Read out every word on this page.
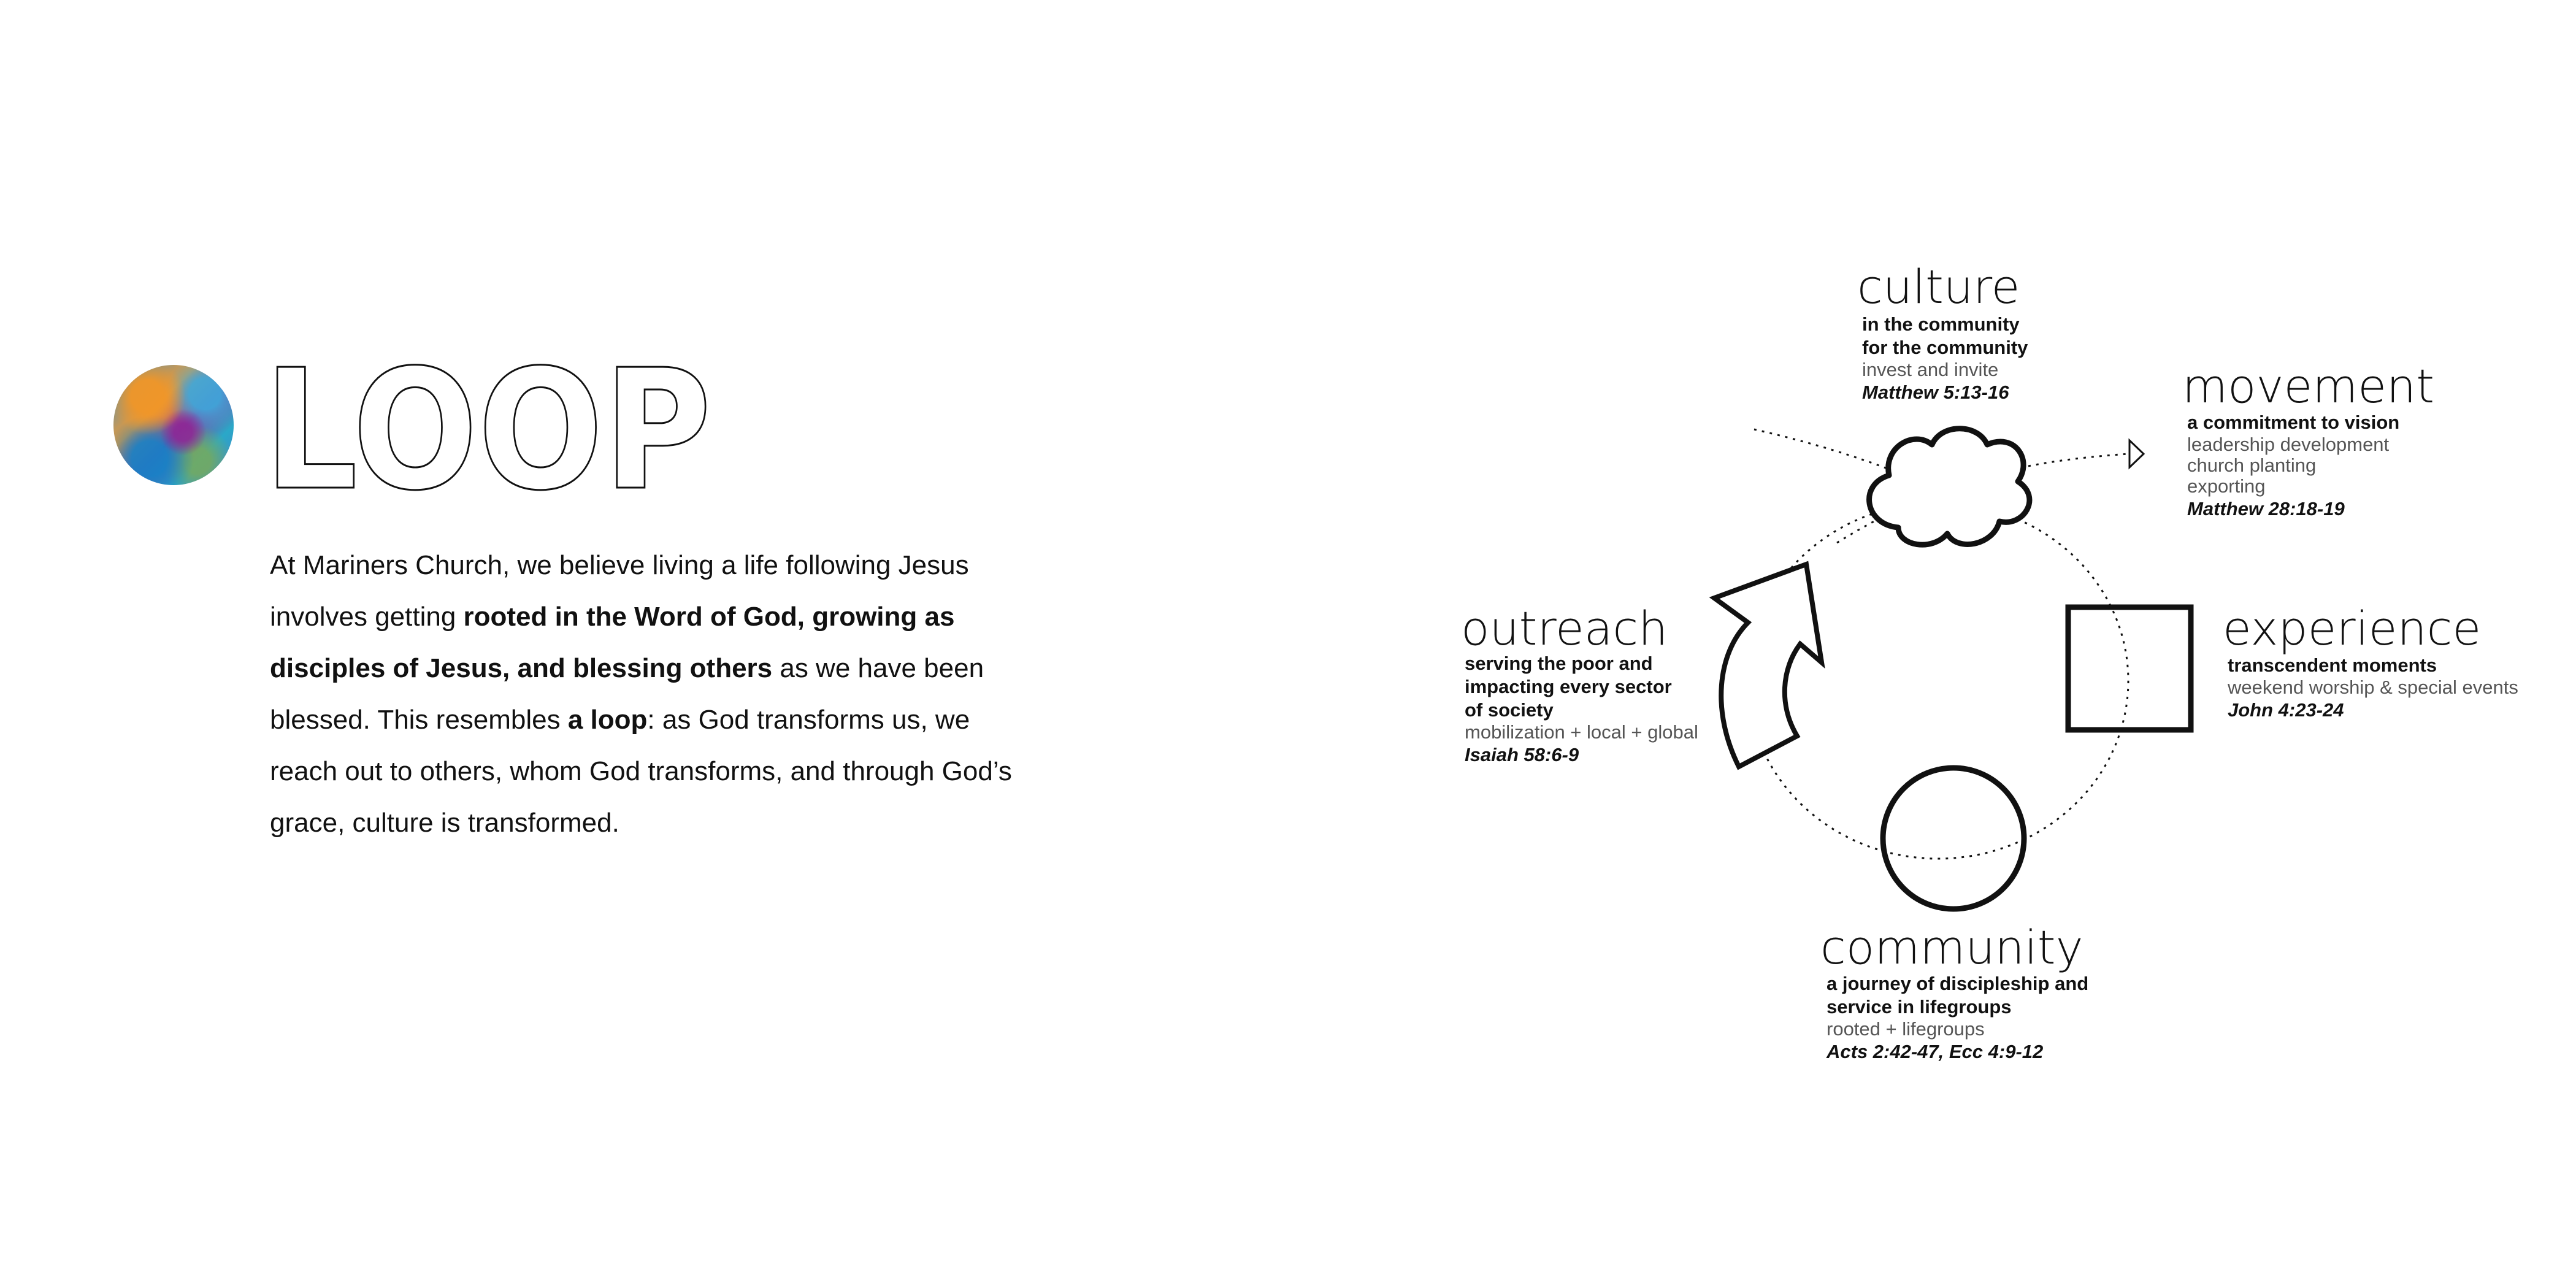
LOOP
At Mariners Church, we believe living a life following Jesus involves getting rooted in the Word of God, growing as disciples of Jesus, and blessing others as we have been blessed. This resembles a loop: as God transforms us, we reach out to others, whom God transforms, and through God’s grace, culture is transformed.
culture
in the community
for the community
invest and invite
Matthew 5:13-16	movement
a commitment to vision
leadership development
church planting
exporting
Matthew 28:18-19
experience
transcendent moments
weekend worship & special events
John 4:23-24
outreach
serving the poor and
impacting every sector
of society
mobilization + local + global
Isaiah 58:6-9
community
a journey of discipleship and
service in lifegroups
rooted + lifegroups
Acts 2:42-47, Ecc 4:9-12
